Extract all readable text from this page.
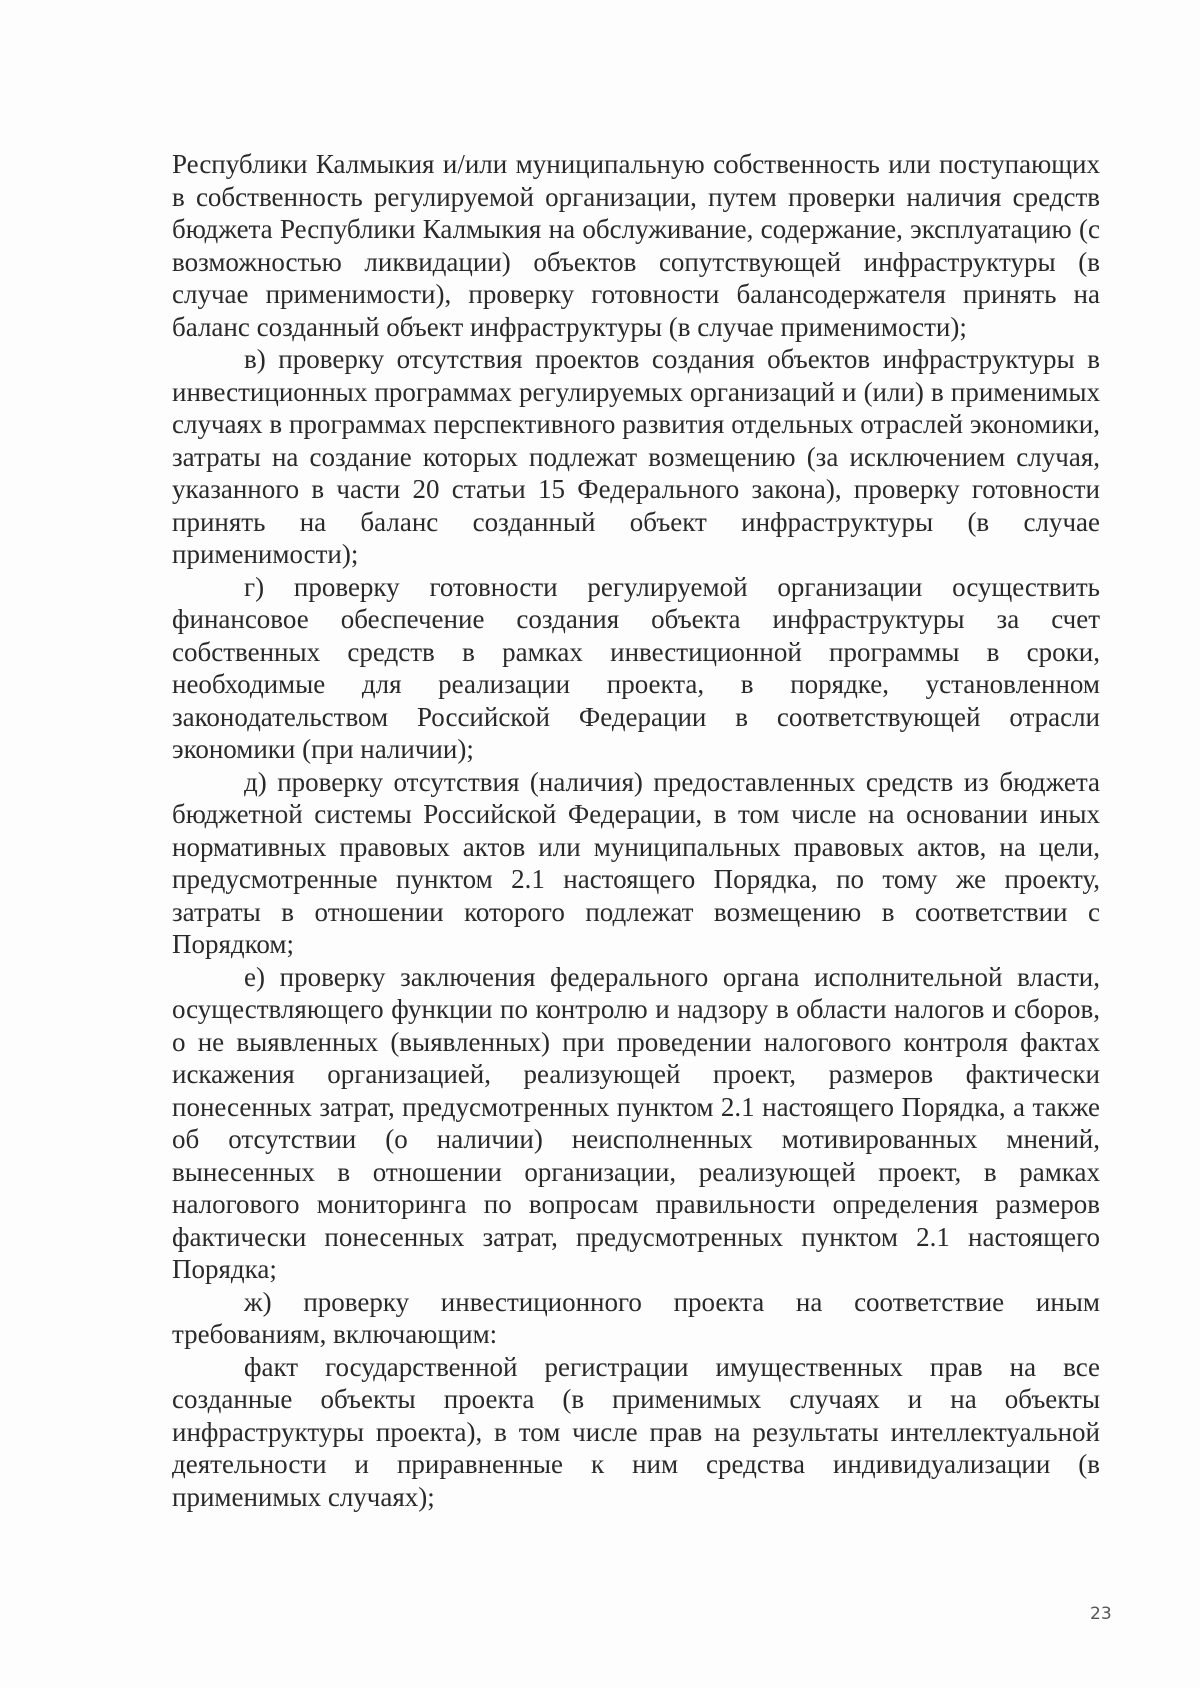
Республики Калмыкия и/или муниципальную собственность или поступающих в собственность регулируемой организации, путем проверки наличия средств бюджета Республики Калмыкия на обслуживание, содержание, эксплуатацию (с возможностью ликвидации) объектов сопутствующей инфраструктуры (в случае применимости), проверку готовности балансодержателя принять на баланс созданный объект инфраструктуры (в случае применимости);

в) проверку отсутствия проектов создания объектов инфраструктуры в инвестиционных программах регулируемых организаций и (или) в применимых случаях в программах перспективного развития отдельных отраслей экономики, затраты на создание которых подлежат возмещению (за исключением случая, указанного в части 20 статьи 15 Федерального закона), проверку готовности принять на баланс созданный объект инфраструктуры (в случае применимости);

г) проверку готовности регулируемой организации осуществить финансовое обеспечение создания объекта инфраструктуры за счет собственных средств в рамках инвестиционной программы в сроки, необходимые для реализации проекта, в порядке, установленном законодательством Российской Федерации в соответствующей отрасли экономики (при наличии);

д) проверку отсутствия (наличия) предоставленных средств из бюджета бюджетной системы Российской Федерации, в том числе на основании иных нормативных правовых актов или муниципальных правовых актов, на цели, предусмотренные пунктом 2.1 настоящего Порядка, по тому же проекту, затраты в отношении которого подлежат возмещению в соответствии с Порядком;

е) проверку заключения федерального органа исполнительной власти, осуществляющего функции по контролю и надзору в области налогов и сборов, о не выявленных (выявленных) при проведении налогового контроля фактах искажения организацией, реализующей проект, размеров фактически понесенных затрат, предусмотренных пунктом 2.1 настоящего Порядка, а также об отсутствии (о наличии) неисполненных мотивированных мнений, вынесенных в отношении организации, реализующей проект, в рамках налогового мониторинга по вопросам правильности определения размеров фактически понесенных затрат, предусмотренных пунктом 2.1 настоящего Порядка;

ж) проверку инвестиционного проекта на соответствие иным требованиям, включающим:

факт государственной регистрации имущественных прав на все созданные объекты проекта (в применимых случаях и на объекты инфраструктуры проекта), в том числе прав на результаты интеллектуальной деятельности и приравненные к ним средства индивидуализации (в применимых случаях);

23
